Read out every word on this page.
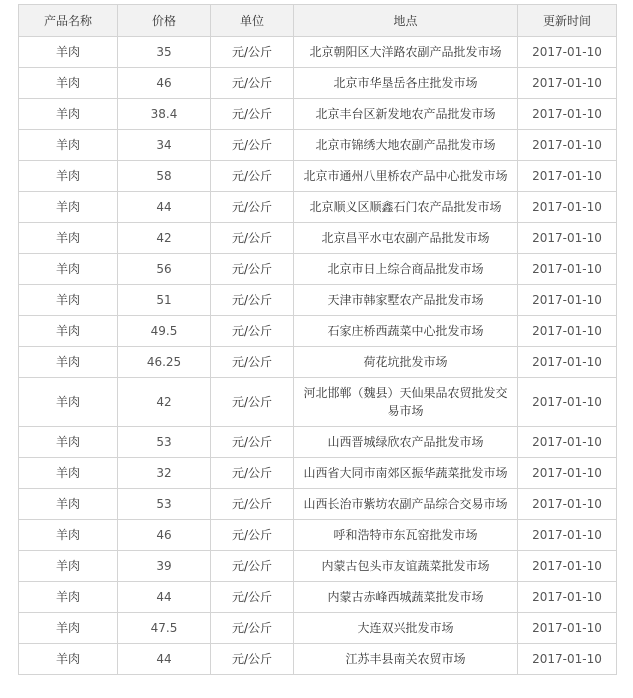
产品名称	价格	单位	地点	更新时间
羊肉	35	元/公斤	北京朝阳区大洋路农副产品批发市场	2017-01-10
羊肉	46	元/公斤	北京市华垦岳各庄批发市场	2017-01-10
羊肉	38.4	元/公斤	北京丰台区新发地农产品批发市场	2017-01-10
羊肉	34	元/公斤	北京市锦绣大地农副产品批发市场	2017-01-10
羊肉	58	元/公斤	北京市通州八里桥农产品中心批发市场	2017-01-10
羊肉	44	元/公斤	北京顺义区顺鑫石门农产品批发市场	2017-01-10
羊肉	42	元/公斤	北京昌平水屯农副产品批发市场	2017-01-10
羊肉	56	元/公斤	北京市日上综合商品批发市场	2017-01-10
羊肉	51	元/公斤	天津市韩家墅农产品批发市场	2017-01-10
羊肉	49.5	元/公斤	石家庄桥西蔬菜中心批发市场	2017-01-10
羊肉	46.25	元/公斤	荷花坑批发市场	2017-01-10
羊肉	42	元/公斤	河北邯郸（魏县）天仙果品农贸批发交易市场	2017-01-10
羊肉	53	元/公斤	山西晋城绿欣农产品批发市场	2017-01-10
羊肉	32	元/公斤	山西省大同市南郊区振华蔬菜批发市场	2017-01-10
羊肉	53	元/公斤	山西长治市紫坊农副产品综合交易市场	2017-01-10
羊肉	46	元/公斤	呼和浩特市东瓦窑批发市场	2017-01-10
羊肉	39	元/公斤	内蒙古包头市友谊蔬菜批发市场	2017-01-10
羊肉	44	元/公斤	内蒙古赤峰西城蔬菜批发市场	2017-01-10
羊肉	47.5	元/公斤	大连双兴批发市场	2017-01-10
羊肉	44	元/公斤	江苏丰县南关农贸市场	2017-01-10
